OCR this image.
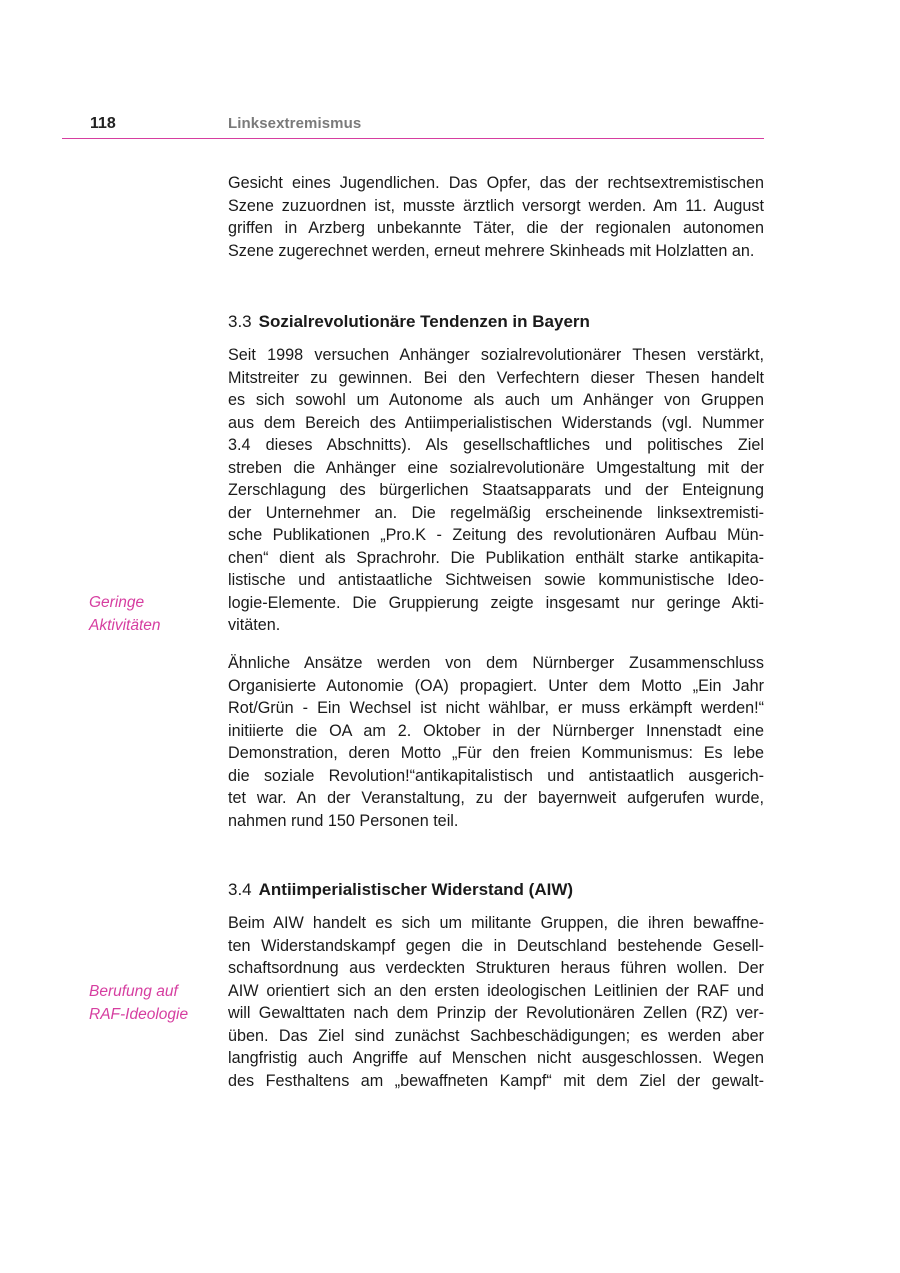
118	Linksextremismus
Gesicht eines Jugendlichen. Das Opfer, das der rechtsextremistischen
Szene zuzuordnen ist, musste ärztlich versorgt werden. Am 11. August
griffen in Arzberg unbekannte Täter, die der regionalen autonomen
Szene zugerechnet werden, erneut mehrere Skinheads mit Holzlatten an.
3.3 Sozialrevolutionäre Tendenzen in Bayern
Seit 1998 versuchen Anhänger sozialrevolutionärer Thesen verstärkt,
Mitstreiter zu gewinnen. Bei den Verfechtern dieser Thesen handelt
es sich sowohl um Autonome als auch um Anhänger von Gruppen
aus dem Bereich des Antiimperialistischen Widerstands (vgl. Nummer
3.4 dieses Abschnitts). Als gesellschaftliches und politisches Ziel
streben die Anhänger eine sozialrevolutionäre Umgestaltung mit der
Zerschlagung des bürgerlichen Staatsapparats und der Enteignung
der Unternehmer an. Die regelmäßig erscheinende linksextremisti-
sche Publikationen „Pro.K - Zeitung des revolutionären Aufbau Mün-
chen“ dient als Sprachrohr. Die Publikation enthält starke antikapita-
listische und antistaatliche Sichtweisen sowie kommunistische Ideo-
logie-Elemente. Die Gruppierung zeigte insgesamt nur geringe Akti-
vitäten.
Geringe
Aktivitäten
Ähnliche Ansätze werden von dem Nürnberger Zusammenschluss
Organisierte Autonomie (OA) propagiert. Unter dem Motto „Ein Jahr
Rot/Grün - Ein Wechsel ist nicht wählbar, er muss erkämpft werden!“
initiierte die OA am 2. Oktober in der Nürnberger Innenstadt eine
Demonstration, deren Motto „Für den freien Kommunismus: Es lebe
die soziale Revolution!“antikapitalistisch und antistaatlich ausgerich-
tet war. An der Veranstaltung, zu der bayernweit aufgerufen wurde,
nahmen rund 150 Personen teil.
3.4 Antiimperialistischer Widerstand (AIW)
Beim AIW handelt es sich um militante Gruppen, die ihren bewaffne-
ten Widerstandskampf gegen die in Deutschland bestehende Gesell-
schaftsordnung aus verdeckten Strukturen heraus führen wollen. Der
AIW orientiert sich an den ersten ideologischen Leitlinien der RAF und
will Gewalttaten nach dem Prinzip der Revolutionären Zellen (RZ) ver-
üben. Das Ziel sind zunächst Sachbeschädigungen; es werden aber
langfristig auch Angriffe auf Menschen nicht ausgeschlossen. Wegen
des Festhaltens am „bewaffneten Kampf“ mit dem Ziel der gewalt-
Berufung auf
RAF-Ideologie
